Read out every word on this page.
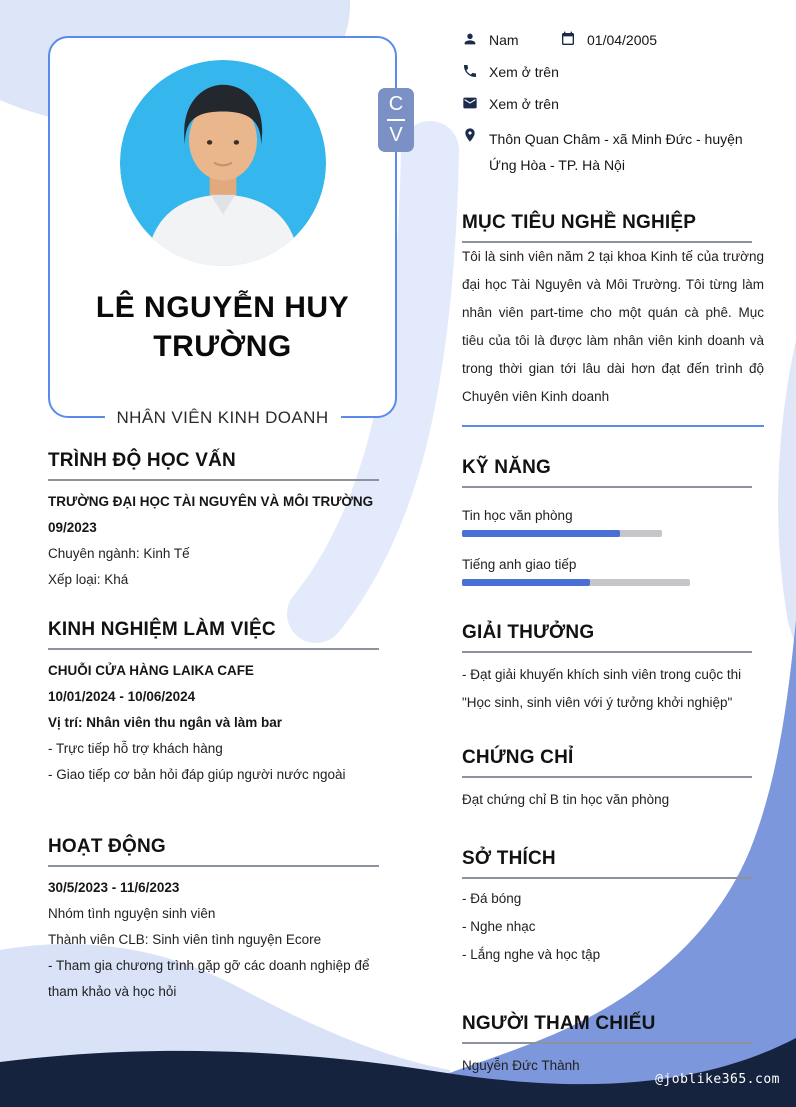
LÊ NGUYỄN HUY TRƯỜNG
C
V
NHÂN VIÊN KINH DOANH
TRÌNH ĐỘ HỌC VẤN

TRƯỜNG ĐẠI HỌC TÀI NGUYÊN VÀ MÔI TRƯỜNG

09/2023

Chuyên ngành: Kinh Tế

Xếp loại: Khá

KINH NGHIỆM LÀM VIỆC

CHUỖI CỬA HÀNG LAIKA CAFE

10/01/2024 - 10/06/2024

Vị trí: Nhân viên thu ngân và làm bar

- Trực tiếp hỗ trợ khách hàng

- Giao tiếp cơ bản hỏi đáp giúp người nước ngoài

HOẠT ĐỘNG

30/5/2023 - 11/6/2023

Nhóm tình nguyện sinh viên

Thành viên CLB: Sinh viên tình nguyện Ecore

- Tham gia chương trình gặp gỡ các doanh nghiệp để tham khảo và học hỏi

Nam	01/04/2005
Xem ở trên
Xem ở trên
Thôn Quan Châm - xã Minh Đức - huyện Ứng Hòa - TP. Hà Nội
MỤC TIÊU NGHỀ NGHIỆP

Tôi là sinh viên năm 2 tại khoa Kinh tế của trường đại học Tài Nguyên và Môi Trường. Tôi từng làm nhân viên part-time cho một quán cà phê. Mục tiêu của tôi là được làm nhân viên kinh doanh và trong thời gian tới lâu dài hơn đạt đến trình độ Chuyên viên Kinh doanh

KỸ NĂNG

Tin học văn phòng

Tiếng anh giao tiếp

GIẢI THƯỞNG

- Đạt giải khuyến khích sinh viên trong cuộc thi "Học sinh, sinh viên với ý tưởng khởi nghiệp"

CHỨNG CHỈ

Đạt chứng chỉ B tin học văn phòng

SỞ THÍCH

- Đá bóng

- Nghe nhạc

- Lắng nghe và học tập

NGƯỜI THAM CHIẾU

Nguyễn Đức Thành

@joblike365.com
